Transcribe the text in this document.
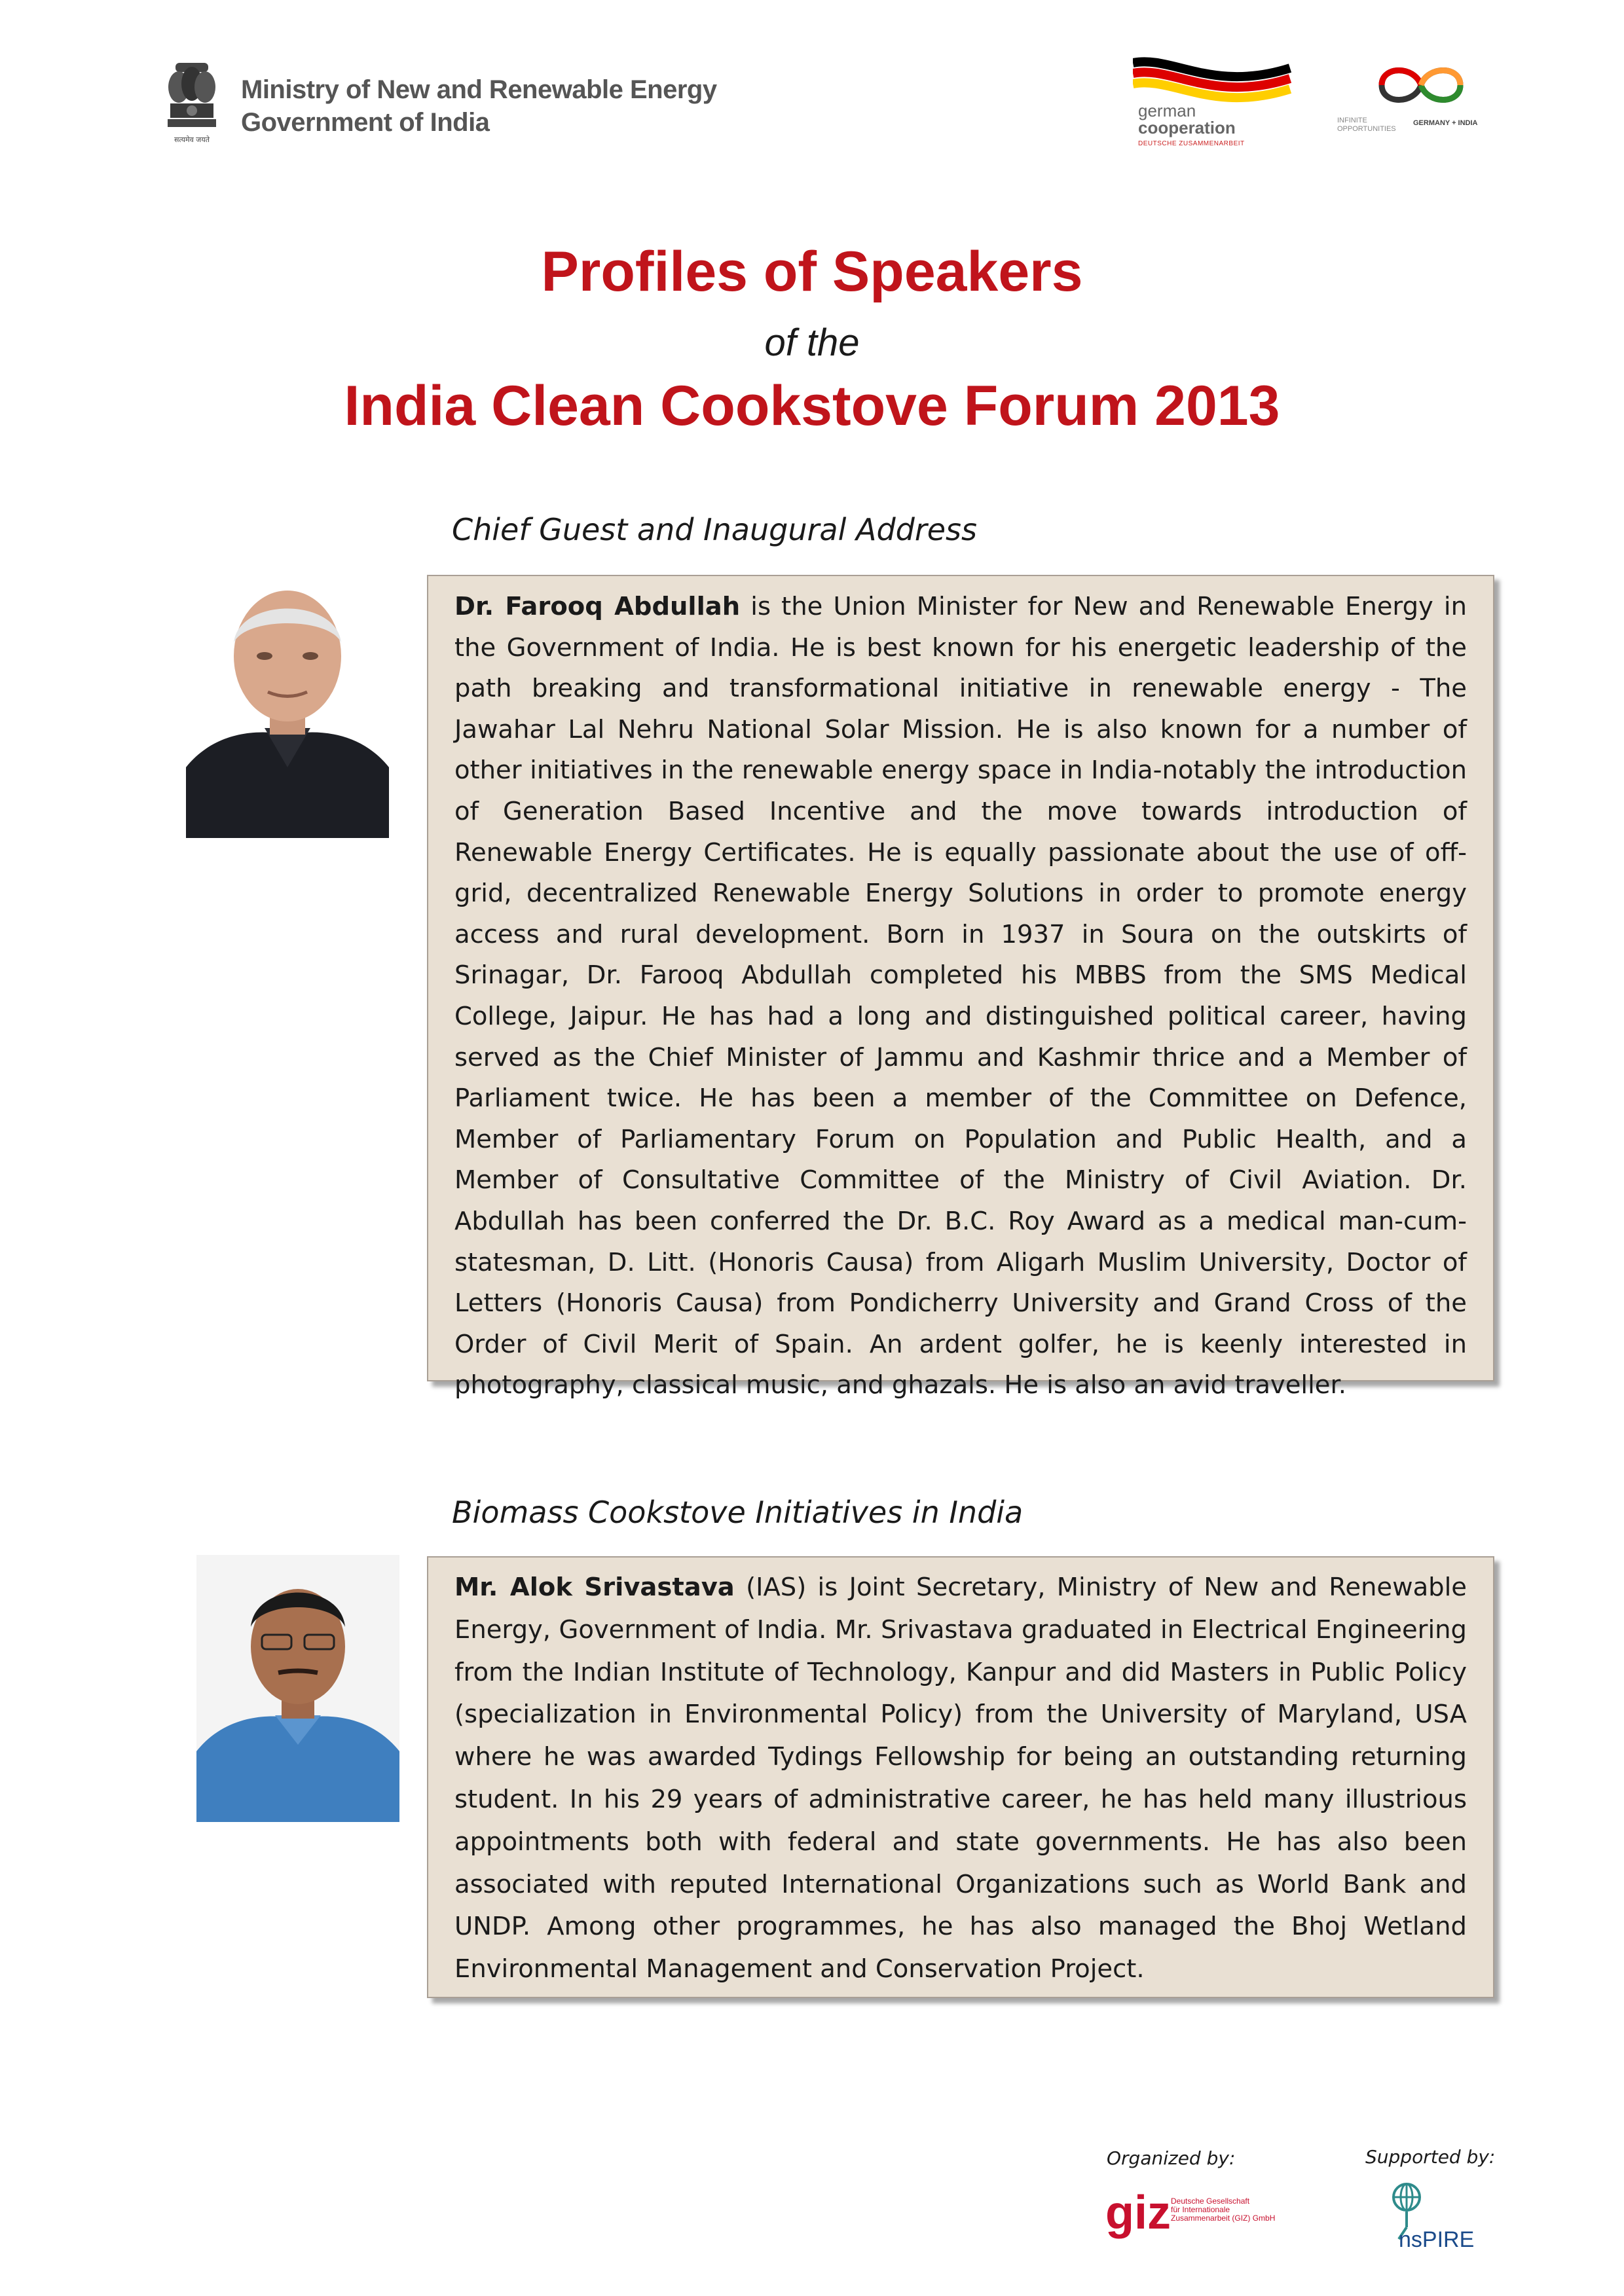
सत्यमेव जयते
Ministry of New and Renewable Energy
Government of India	german
cooperation
DEUTSCHE ZUSAMMENARBEIT
INFINITE OPPORTUNITIES
GERMANY + INDIA
Profiles of Speakers
of the
India Clean Cookstove Forum 2013
Chief Guest and Inaugural Address

Dr. Farooq Abdullah is the Union Minister for New and Renewable Energy in the Government of India. He is best known for his energetic leadership of the path breaking and transformational initiative in renewable energy - The Jawahar Lal Nehru National Solar Mission. He is also known for a number of other initiatives in the renewable energy space in India-notably the introduction of Generation Based Incentive and the move towards introduction of Renewable Energy Certificates. He is equally passionate about the use of off-grid, decentralized Renewable Energy Solutions in order to promote energy access and rural development. Born in 1937 in Soura on the outskirts of Srinagar, Dr. Farooq Abdullah completed his MBBS from the SMS Medical College, Jaipur. He has had a long and distinguished political career, having served as the Chief Minister of Jammu and Kashmir thrice and a Member of Parliament twice. He has been a member of the Committee on Defence, Member of Parliamentary Forum on Population and Public Health, and a Member of Consultative Committee of the Ministry of Civil Aviation. Dr. Abdullah has been conferred the Dr. B.C. Roy Award as a medical man-cum-statesman, D. Litt. (Honoris Causa) from Aligarh Muslim University, Doctor of Letters (Honoris Causa) from Pondicherry University and Grand Cross of the Order of Civil Merit of Spain. An ardent golfer, he is keenly interested in photography, classical music, and ghazals. He is also an avid traveller.

Biomass Cookstove Initiatives in India

Mr. Alok Srivastava (IAS) is Joint Secretary, Ministry of New and Renewable Energy, Government of India. Mr. Srivastava graduated in Electrical Engineering from the Indian Institute of Technology, Kanpur and did Masters in Public Policy (specialization in Environmental Policy) from the University of Maryland, USA where he was awarded Tydings Fellowship for being an outstanding returning student. In his 29 years of administrative career, he has held many illustrious appointments both with federal and state governments. He has also been associated with reputed International Organizations such as World Bank and UNDP. Among other programmes, he has also managed the Bhoj Wetland Environmental Management and Conservation Project.

Organized by:	Supported by:
giz Deutsche Gesellschaft
für Internationale
Zusammenarbeit (GIZ) GmbH
nsPIRE
